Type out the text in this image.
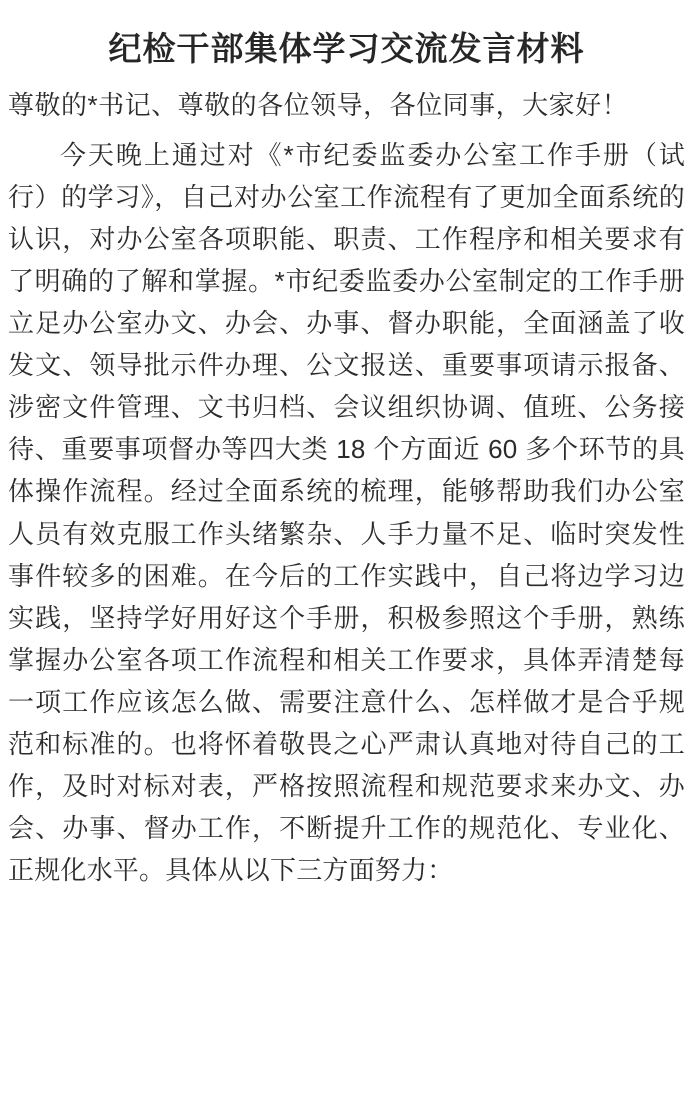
纪检干部集体学习交流发言材料

尊敬的*书记、尊敬的各位领导，各位同事，大家好！

今天晚上通过对《*市纪委监委办公室工作手册（试行）的学习》，自己对办公室工作流程有了更加全面系统的认识，对办公室各项职能、职责、工作程序和相关要求有了明确的了解和掌握。*市纪委监委办公室制定的工作手册立足办公室办文、办会、办事、督办职能，全面涵盖了收发文、领导批示件办理、公文报送、重要事项请示报备、涉密文件管理、文书归档、会议组织协调、值班、公务接待、重要事项督办等四大类 18 个方面近 60 多个环节的具体操作流程。经过全面系统的梳理，能够帮助我们办公室人员有效克服工作头绪繁杂、人手力量不足、临时突发性事件较多的困难。在今后的工作实践中，自己将边学习边实践，坚持学好用好这个手册，积极参照这个手册，熟练掌握办公室各项工作流程和相关工作要求，具体弄清楚每一项工作应该怎么做、需要注意什么、怎样做才是合乎规范和标准的。也将怀着敬畏之心严肃认真地对待自己的工作，及时对标对表，严格按照流程和规范要求来办文、办会、办事、督办工作，不断提升工作的规范化、专业化、正规化水平。具体从以下三方面努力：
